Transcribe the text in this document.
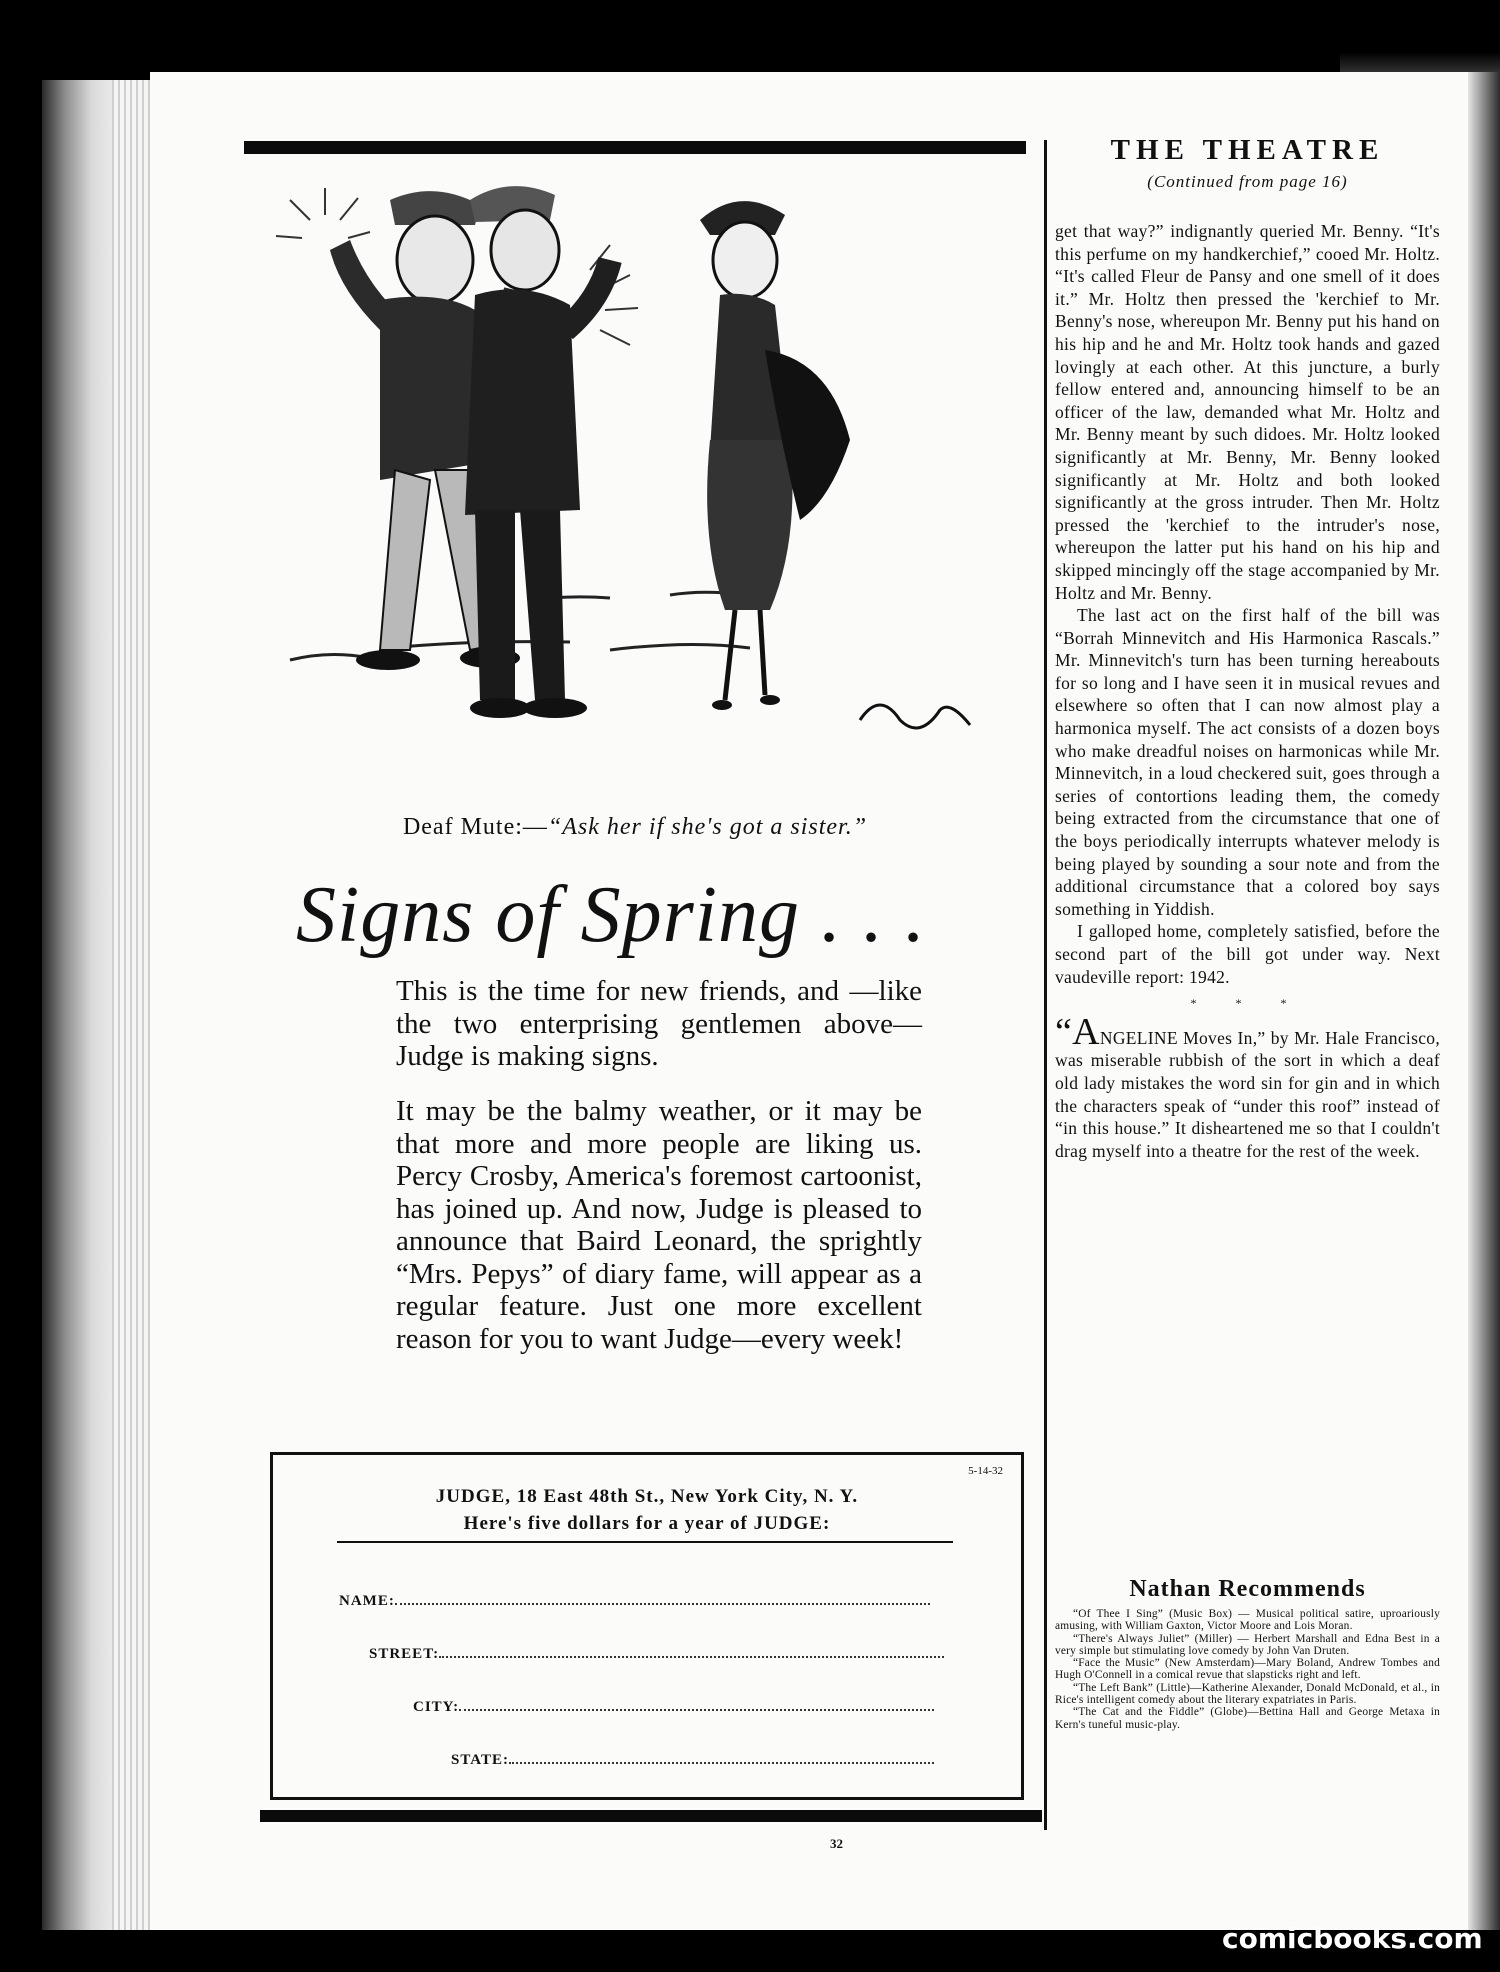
Deaf Mute:—“Ask her if she's got a sister.”
Signs of Spring . . .
This is the time for new friends, and —like the two enterprising gentlemen above—Judge is making signs.
It may be the balmy weather, or it may be that more and more people are liking us. Percy Crosby, America's foremost cartoonist, has joined up. And now, Judge is pleased to announce that Baird Leonard, the sprightly “Mrs. Pepys” of diary fame, will appear as a regular feature. Just one more excellent reason for you to want Judge—every week!
5-14-32
JUDGE, 18 East 48th St., New York City, N. Y.
Here's five dollars for a year of JUDGE:
NAME:
STREET:
CITY:
STATE:
32
THE THEATRE
(Continued from page 16)

get that way?” indignantly queried Mr. Benny. “It's this perfume on my handkerchief,” cooed Mr. Holtz. “It's called Fleur de Pansy and one smell of it does it.” Mr. Holtz then pressed the 'kerchief to Mr. Benny's nose, whereupon Mr. Benny put his hand on his hip and he and Mr. Holtz took hands and gazed lovingly at each other. At this juncture, a burly fellow entered and, announcing himself to be an officer of the law, demanded what Mr. Holtz and Mr. Benny meant by such didoes. Mr. Holtz looked significantly at Mr. Benny, Mr. Benny looked significantly at Mr. Holtz and both looked significantly at the gross intruder. Then Mr. Holtz pressed the 'kerchief to the intruder's nose, whereupon the latter put his hand on his hip and skipped mincingly off the stage accompanied by Mr. Holtz and Mr. Benny.

The last act on the first half of the bill was “Borrah Minnevitch and His Harmonica Rascals.” Mr. Minnevitch's turn has been turning hereabouts for so long and I have seen it in musical revues and elsewhere so often that I can now almost play a harmonica myself. The act consists of a dozen boys who make dreadful noises on harmonicas while Mr. Minnevitch, in a loud checkered suit, goes through a series of contortions leading them, the comedy being extracted from the circumstance that one of the boys periodically interrupts whatever melody is being played by sounding a sour note and from the additional circumstance that a colored boy says something in Yiddish.

I galloped home, completely satisfied, before the second part of the bill got under way. Next vaudeville report: 1942.

* * *

“ANGELINE Moves In,” by Mr. Hale Francisco, was miserable rubbish of the sort in which a deaf old lady mistakes the word sin for gin and in which the characters speak of “under this roof” instead of “in this house.” It disheartened me so that I couldn't drag myself into a theatre for the rest of the week.

Nathan Recommends

“Of Thee I Sing” (Music Box) — Musical political satire, uproariously amusing, with William Gaxton, Victor Moore and Lois Moran.

“There's Always Juliet” (Miller) — Herbert Marshall and Edna Best in a very simple but stimulating love comedy by John Van Druten.

“Face the Music” (New Amsterdam)—Mary Boland, Andrew Tombes and Hugh O'Connell in a comical revue that slapsticks right and left.

“The Left Bank” (Little)—Katherine Alexander, Donald McDonald, et al., in Rice's intelligent comedy about the literary expatriates in Paris.

“The Cat and the Fiddle” (Globe)—Bettina Hall and George Metaxa in Kern's tuneful music-play.

comicbooks.com
